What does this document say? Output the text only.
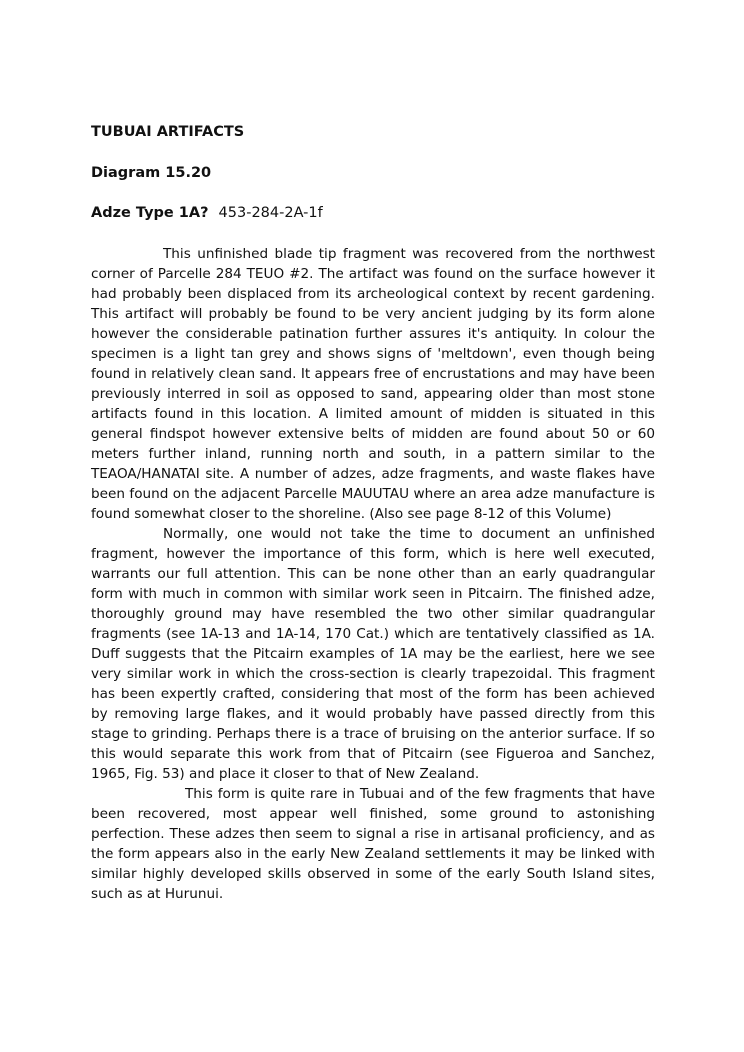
TUBUAI ARTIFACTS
Diagram 15.20
Adze Type 1A? 453-284-2A-1f

This unfinished blade tip fragment was recovered from the northwest corner of Parcelle 284 TEUO #2. The artifact was found on the surface however it had probably been displaced from its archeological context by recent gardening. This artifact will probably be found to be very ancient judging by its form alone however the considerable patination further assures it's antiquity. In colour the specimen is a light tan grey and shows signs of 'meltdown', even though being found in relatively clean sand. It appears free of encrustations and may have been previously interred in soil as opposed to sand, appearing older than most stone artifacts found in this location. A limited amount of midden is situated in this general findspot however extensive belts of midden are found about 50 or 60 meters further inland, running north and south, in a pattern similar to the TEAOA/HANATAI site. A number of adzes, adze fragments, and waste flakes have been found on the adjacent Parcelle MAUUTAU where an area adze manufacture is found somewhat closer to the shoreline. (Also see page 8-12 of this Volume)

Normally, one would not take the time to document an unfinished fragment, however the importance of this form, which is here well executed, warrants our full attention. This can be none other than an early quadrangular form with much in common with similar work seen in Pitcairn. The finished adze, thoroughly ground may have resembled the two other similar quadrangular fragments (see 1A-13 and 1A-14, 170 Cat.) which are tentatively classified as 1A. Duff suggests that the Pitcairn examples of 1A may be the earliest, here we see very similar work in which the cross-section is clearly trapezoidal. This fragment has been expertly crafted, considering that most of the form has been achieved by removing large flakes, and it would probably have passed directly from this stage to grinding. Perhaps there is a trace of bruising on the anterior surface. If so this would separate this work from that of Pitcairn (see Figueroa and Sanchez, 1965, Fig. 53) and place it closer to that of New Zealand.

This form is quite rare in Tubuai and of the few fragments that have been recovered, most appear well finished, some ground to astonishing perfection. These adzes then seem to signal a rise in artisanal proficiency, and as the form appears also in the early New Zealand settlements it may be linked with similar highly developed skills observed in some of the early South Island sites, such as at Hurunui.
